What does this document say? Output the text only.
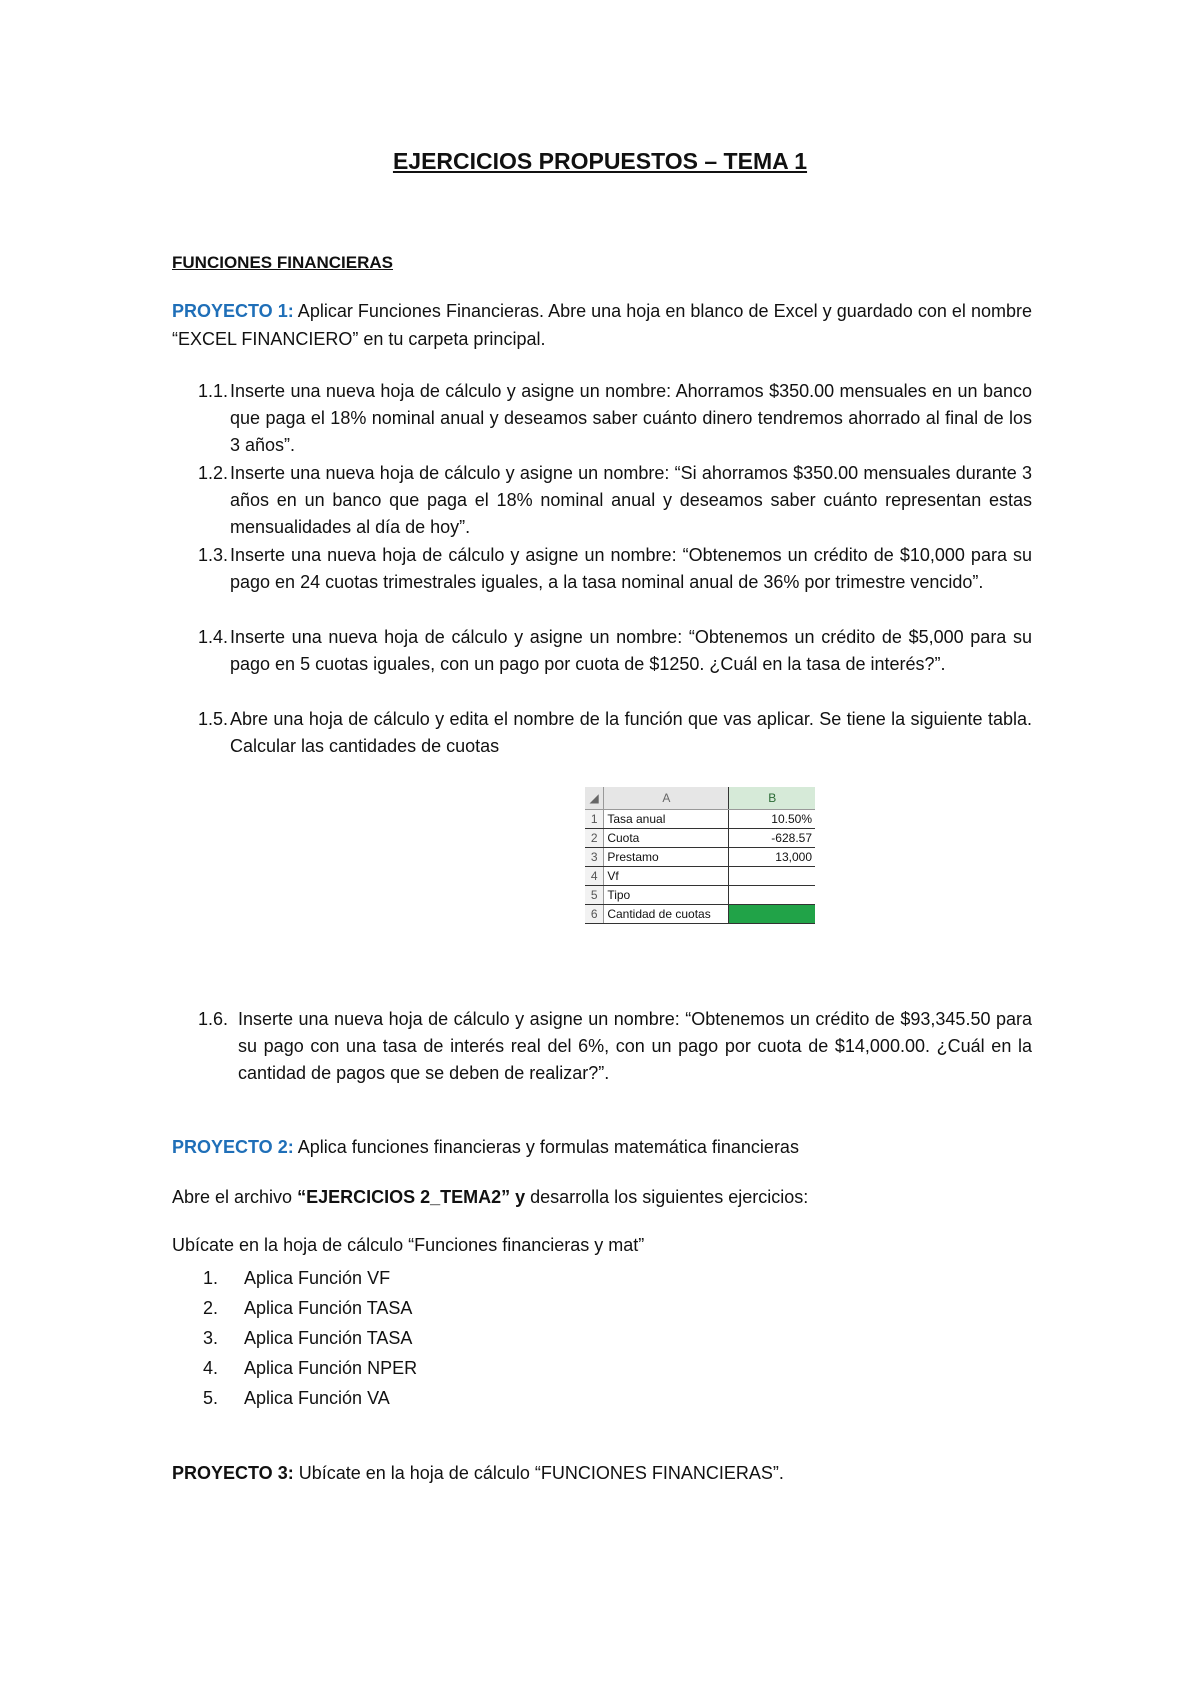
EJERCICIOS PROPUESTOS – TEMA 1
FUNCIONES FINANCIERAS
PROYECTO 1: Aplicar Funciones Financieras. Abre una hoja en blanco de Excel y guardado con el nombre “EXCEL FINANCIERO” en tu carpeta principal.
1.1. Inserte una nueva hoja de cálculo y asigne un nombre: Ahorramos $350.00 mensuales en un banco que paga el 18% nominal anual y deseamos saber cuánto dinero tendremos ahorrado al final de los 3 años”.
1.2. Inserte una nueva hoja de cálculo y asigne un nombre: “Si ahorramos $350.00 mensuales durante 3 años en un banco que paga el 18% nominal anual y deseamos saber cuánto representan estas mensualidades al día de hoy”.
1.3. Inserte una nueva hoja de cálculo y asigne un nombre: “Obtenemos un crédito de $10,000 para su pago en 24 cuotas trimestrales iguales, a la tasa nominal anual de 36% por trimestre vencido”.
1.4. Inserte una nueva hoja de cálculo y asigne un nombre: “Obtenemos un crédito de $5,000 para su pago en 5 cuotas iguales, con un pago por cuota de $1250. ¿Cuál en la tasa de interés?”.
1.5. Abre una hoja de cálculo y edita el nombre de la función que vas aplicar. Se tiene la siguiente tabla. Calcular las cantidades de cuotas
◢	A	B
1	Tasa anual	10.50%
2	Cuota	-628.57
3	Prestamo	13,000
4	Vf	
5	Tipo	
6	Cantidad de cuotas	
1.6. Inserte una nueva hoja de cálculo y asigne un nombre: “Obtenemos un crédito de $93,345.50 para su pago con una tasa de interés real del 6%, con un pago por cuota de $14,000.00. ¿Cuál en la cantidad de pagos que se deben de realizar?”.
PROYECTO 2: Aplica funciones financieras y formulas matemática financieras
Abre el archivo “EJERCICIOS 2_TEMA2” y desarrolla los siguientes ejercicios:
Ubícate en la hoja de cálculo “Funciones financieras y mat”
1. Aplica Función VF
2. Aplica Función TASA
3. Aplica Función TASA
4. Aplica Función NPER
5. Aplica Función VA
PROYECTO 3: Ubícate en la hoja de cálculo “FUNCIONES FINANCIERAS”.
